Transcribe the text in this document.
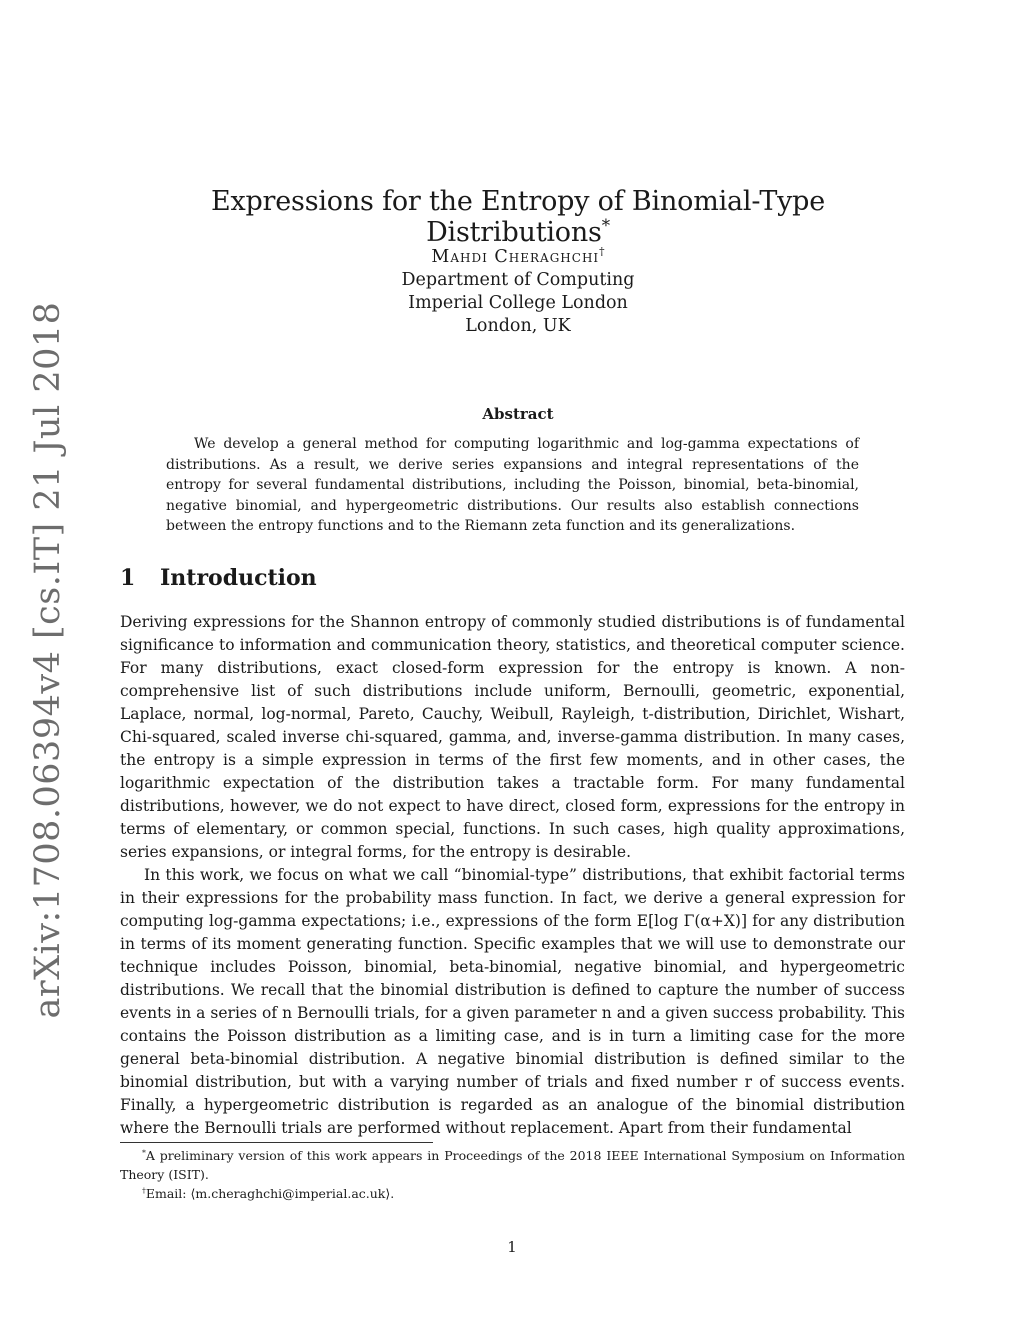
arXiv:1708.06394v4 [cs.IT] 21 Jul 2018
Expressions for the Entropy of Binomial-Type Distributions*
Mahdi Cheraghchi†
Department of Computing
Imperial College London
London, UK
Abstract

We develop a general method for computing logarithmic and log-gamma expectations of distributions. As a result, we derive series expansions and integral representations of the entropy for several fundamental distributions, including the Poisson, binomial, beta-binomial, negative binomial, and hypergeometric distributions. Our results also establish connections between the entropy functions and to the Riemann zeta function and its generalizations.

1 Introduction

Deriving expressions for the Shannon entropy of commonly studied distributions is of fundamental significance to information and communication theory, statistics, and theoretical computer science. For many distributions, exact closed-form expression for the entropy is known. A non-comprehensive list of such distributions include uniform, Bernoulli, geometric, exponential, Laplace, normal, log-normal, Pareto, Cauchy, Weibull, Rayleigh, t-distribution, Dirichlet, Wishart, Chi-squared, scaled inverse chi-squared, gamma, and, inverse-gamma distribution. In many cases, the entropy is a simple expression in terms of the first few moments, and in other cases, the logarithmic expectation of the distribution takes a tractable form. For many fundamental distributions, however, we do not expect to have direct, closed form, expressions for the entropy in terms of elementary, or common special, functions. In such cases, high quality approximations, series expansions, or integral forms, for the entropy is desirable.

In this work, we focus on what we call “binomial-type” distributions, that exhibit factorial terms in their expressions for the probability mass function. In fact, we derive a general expression for computing log-gamma expectations; i.e., expressions of the form E[log Γ(α+X)] for any distribution in terms of its moment generating function. Specific examples that we will use to demonstrate our technique includes Poisson, binomial, beta-binomial, negative binomial, and hypergeometric distributions. We recall that the binomial distribution is defined to capture the number of success events in a series of n Bernoulli trials, for a given parameter n and a given success probability. This contains the Poisson distribution as a limiting case, and is in turn a limiting case for the more general beta-binomial distribution. A negative binomial distribution is defined similar to the binomial distribution, but with a varying number of trials and fixed number r of success events. Finally, a hypergeometric distribution is regarded as an analogue of the binomial distribution where the Bernoulli trials are performed without replacement. Apart from their fundamental

*A preliminary version of this work appears in Proceedings of the 2018 IEEE International Symposium on Information Theory (ISIT).

†Email: ⟨m.cheraghchi@imperial.ac.uk⟩.

1
